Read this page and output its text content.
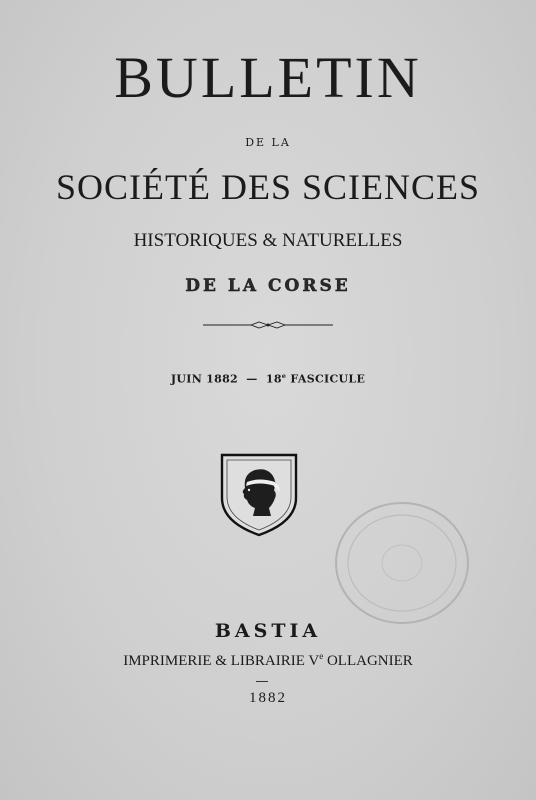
BULLETIN
DE LA
SOCIÉTÉ DES SCIENCES
HISTORIQUES & NATURELLES
DE LA CORSE
JUIN 1882 — 18e FASCICULE
BASTIA
IMPRIMERIE & LIBRAIRIE Ve OLLAGNIER
1882
